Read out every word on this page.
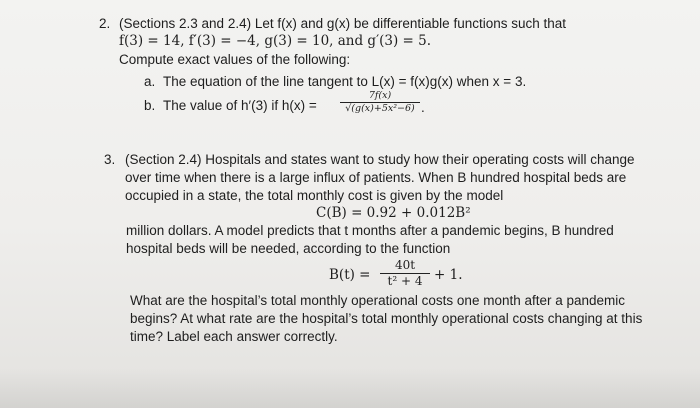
2. (Sections 2.3 and 2.4) Let f(x) and g(x) be differentiable functions such that
f(3) = 14, f′(3) = −4, g(3) = 10, and g′(3) = 5.
Compute exact values of the following:
a. The equation of the line tangent to L(x) = f(x)g(x) when x = 3.
b. The value of h′(3) if h(x) =
7f(x)
√(g(x)+5x²−6) .
3. (Section 2.4) Hospitals and states want to study how their operating costs will change
over time when there is a large influx of patients. When B hundred hospital beds are
occupied in a state, the total monthly cost is given by the model
C(B) = 0.92 + 0.012B²
million dollars. A model predicts that t months after a pandemic begins, B hundred
hospital beds will be needed, according to the function
B(t) =
40t
t² + 4 + 1.
What are the hospital’s total monthly operational costs one month after a pandemic
begins? At what rate are the hospital’s total monthly operational costs changing at this
time? Label each answer correctly.
